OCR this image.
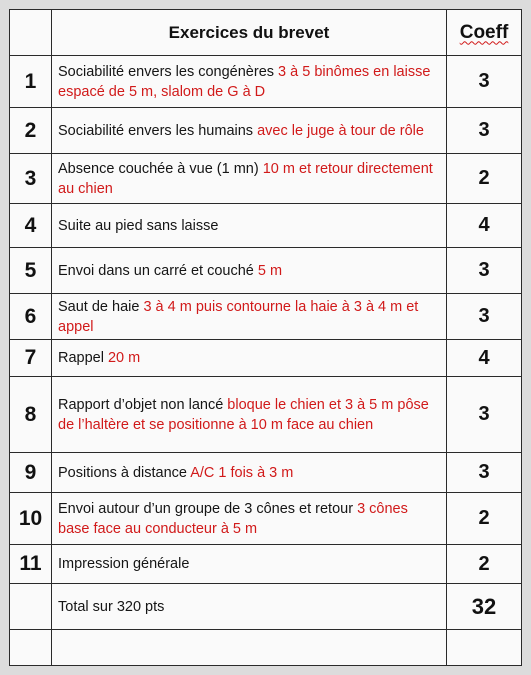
	Exercices du brevet	Coeff
1	Sociabilité envers les congénères 3 à 5 binômes en laisse espacé de 5 m, slalom de G à D	3
2	Sociabilité envers les humains avec le juge à tour de rôle	3
3	Absence couchée à vue (1 mn) 10 m et retour directement au chien	2
4	Suite au pied sans laisse	4
5	Envoi dans un carré et couché 5 m	3
6	Saut de haie 3 à 4 m puis contourne la haie à 3 à 4 m et appel	3
7	Rappel 20 m	4
8	Rapport d’objet non lancé bloque le chien et 3 à 5 m pôse de l’haltère et se positionne à 10 m face au chien	3
9	Positions à distance A/C 1 fois à 3 m	3
10	Envoi autour d’un groupe de 3 cônes et retour 3 cônes base face au conducteur à 5 m	2
11	Impression générale	2
	Total sur 320 pts	32
